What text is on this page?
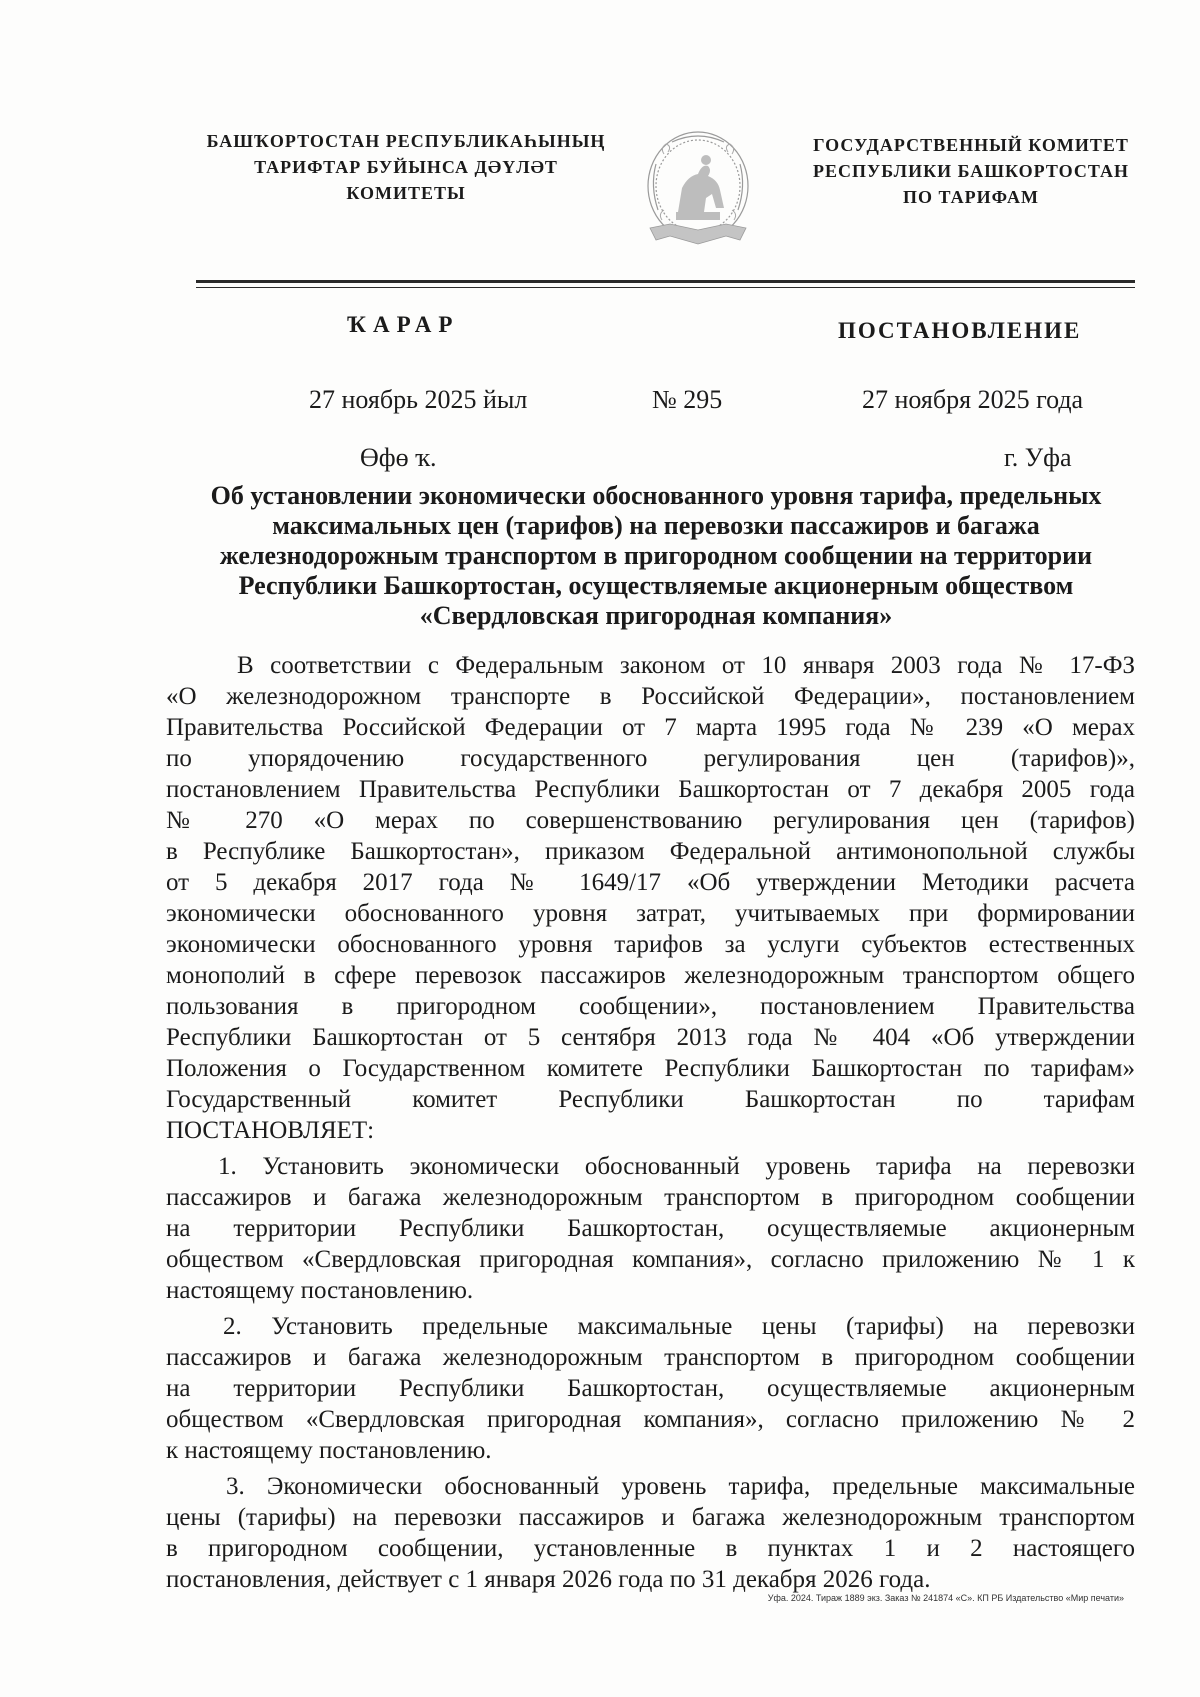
БАШҠОРТОСТАН РЕСПУБЛИКАҺЫНЫҢ
ТАРИФТАР БУЙЫНСА ДӘҮЛӘТ
КОМИТЕТЫ
ГОСУДАРСТВЕННЫЙ КОМИТЕТ
РЕСПУБЛИКИ БАШКОРТОСТАН
ПО ТАРИФАМ
ҠАРАР	ПОСТАНОВЛЕНИЕ
27 ноябрь 2025 йыл	№ 295	27 ноября 2025 года
Өфө ҡ.	г. Уфа
Об установлении экономически обоснованного уровня тарифа, предельных
максимальных цен (тарифов) на перевозки пассажиров и багажа
железнодорожным транспортом в пригородном сообщении на территории
Республики Башкортостан, осуществляемые акционерным обществом
«Свердловская пригородная компания»
В соответствии с Федеральным законом от 10 января 2003 года № 17-ФЗ
«О железнодорожном транспорте в Российской Федерации», постановлением
Правительства Российской Федерации от 7 марта 1995 года № 239 «О мерах
по упорядочению государственного регулирования цен (тарифов)»,
постановлением Правительства Республики Башкортостан от 7 декабря 2005 года
№ 270 «О мерах по совершенствованию регулирования цен (тарифов)
в Республике Башкортостан», приказом Федеральной антимонопольной службы
от 5 декабря 2017 года № 1649/17 «Об утверждении Методики расчета
экономически обоснованного уровня затрат, учитываемых при формировании
экономически обоснованного уровня тарифов за услуги субъектов естественных
монополий в сфере перевозок пассажиров железнодорожным транспортом общего
пользования в пригородном сообщении», постановлением Правительства
Республики Башкортостан от 5 сентября 2013 года № 404 «Об утверждении
Положения о Государственном комитете Республики Башкортостан по тарифам»
Государственный комитет Республики Башкортостан по тарифам
ПОСТАНОВЛЯЕТ:
1. Установить экономически обоснованный уровень тарифа на перевозки
пассажиров и багажа железнодорожным транспортом в пригородном сообщении
на территории Республики Башкортостан, осуществляемые акционерным
обществом «Свердловская пригородная компания», согласно приложению № 1 к
настоящему постановлению.
2. Установить предельные максимальные цены (тарифы) на перевозки
пассажиров и багажа железнодорожным транспортом в пригородном сообщении
на территории Республики Башкортостан, осуществляемые акционерным
обществом «Свердловская пригородная компания», согласно приложению № 2
к настоящему постановлению.
3. Экономически обоснованный уровень тарифа, предельные максимальные
цены (тарифы) на перевозки пассажиров и багажа железнодорожным транспортом
в пригородном сообщении, установленные в пунктах 1 и 2 настоящего
постановления, действует с 1 января 2026 года по 31 декабря 2026 года.
Уфа. 2024. Тираж 1889 экз. Заказ № 241874 «С». КП РБ Издательство «Мир печати»
